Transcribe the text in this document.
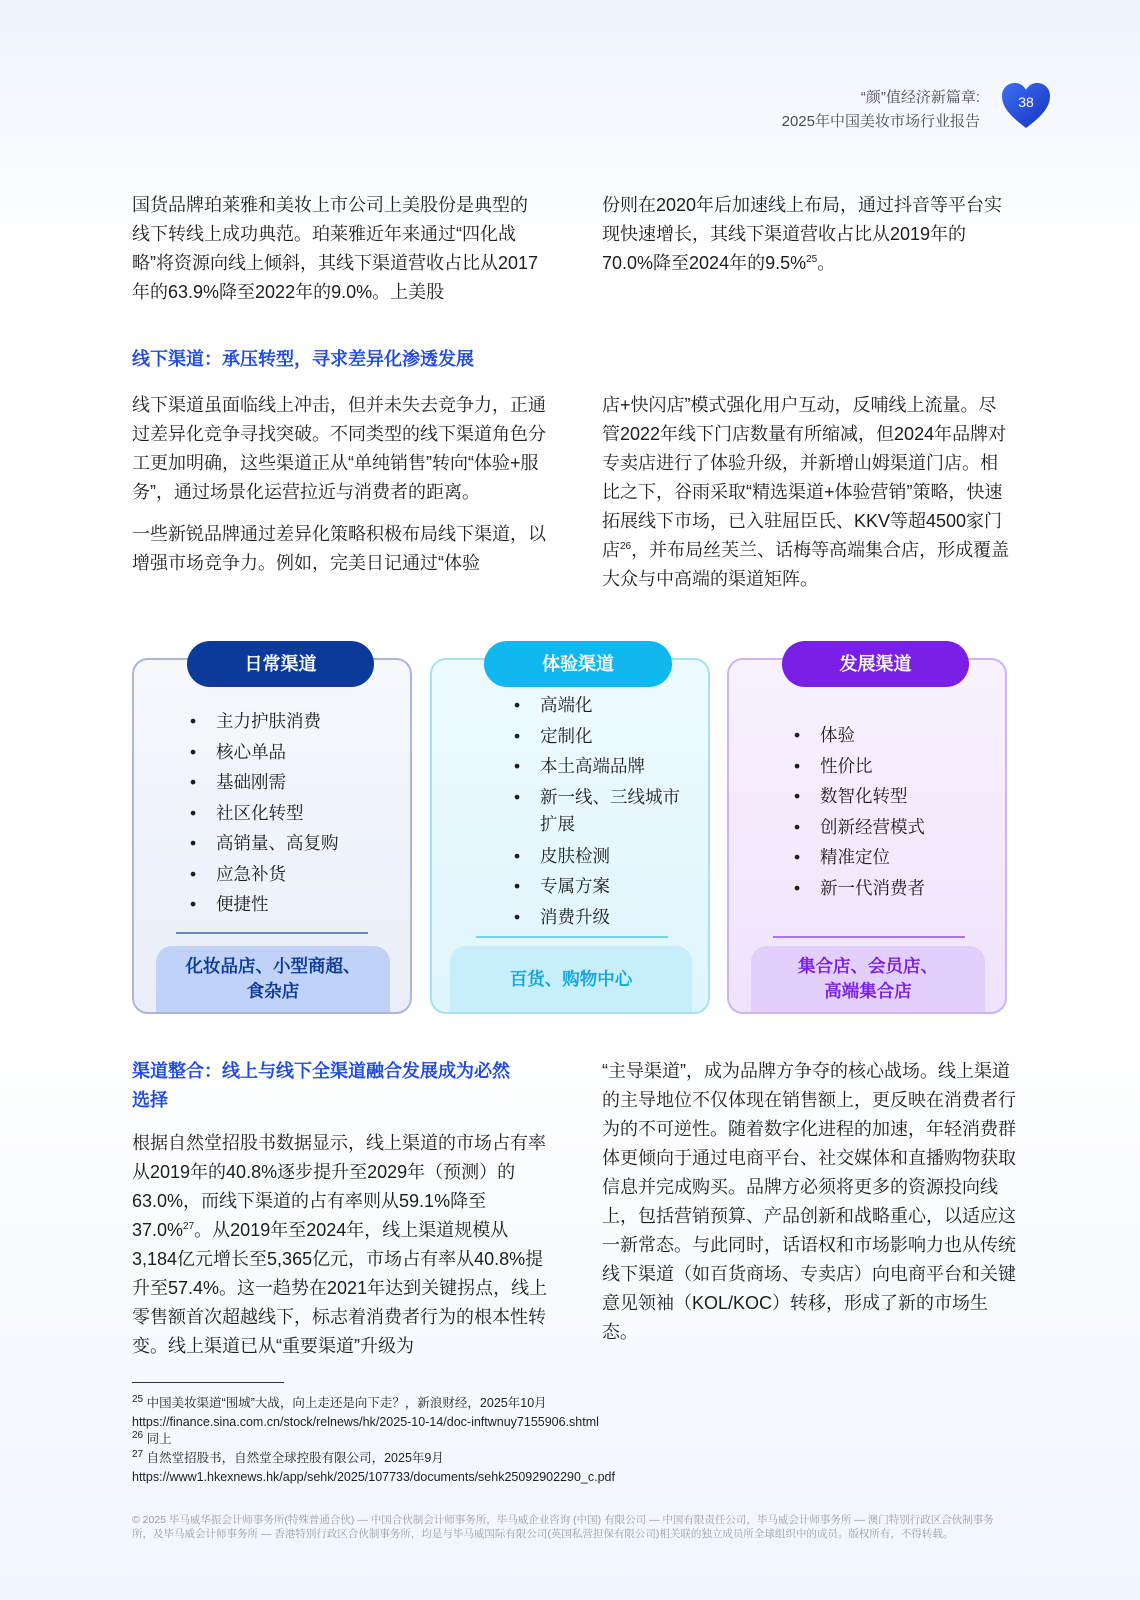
“颜”值经济新篇章:
2025年中国美妆市场行业报告
38

国货品牌珀莱雅和美妆上市公司上美股份是典型的线下转线上成功典范。珀莱雅近年来通过“四化战略”将资源向线上倾斜，其线下渠道营收占比从2017年的63.9%降至2022年的9.0%。上美股

份则在2020年后加速线上布局，通过抖音等平台实现快速增长，其线下渠道营收占比从2019年的70.0%降至2024年的9.5%$^{25}$。

线下渠道：承压转型，寻求差异化渗透发展

线下渠道虽面临线上冲击，但并未失去竞争力，正通过差异化竞争寻找突破。不同类型的线下渠道角色分工更加明确，这些渠道正从“单纯销售”转向“体验+服务”，通过场景化运营拉近与消费者的距离。

一些新锐品牌通过差异化策略积极布局线下渠道，以增强市场竞争力。例如，完美日记通过“体验

店+快闪店”模式强化用户互动，反哺线上流量。尽管2022年线下门店数量有所缩减，但2024年品牌对专卖店进行了体验升级，并新增山姆渠道门店。相比之下，谷雨采取“精选渠道+体验营销”策略，快速拓展线下市场，已入驻屈臣氏、KKV等超4500家门店$^{26}$，并布局丝芙兰、话梅等高端集合店，形成覆盖大众与中高端的渠道矩阵。

• 主力护肤消费
• 核心单品
• 基础刚需
• 社区化转型
• 高销量、高复购
• 应急补货
• 便捷性
化妆品店、小型商超、
食杂店
日常渠道
• 高端化
• 定制化
• 本土高端品牌
• 新一线、三线城市
扩展
• 皮肤检测
• 专属方案
• 消费升级
百货、购物中心
体验渠道
• 体验
• 性价比
• 数智化转型
• 创新经营模式
• 精准定位
• 新一代消费者
集合店、会员店、
高端集合店
发展渠道
渠道整合：线上与线下全渠道融合发展成为必然
选择

根据自然堂招股书数据显示，线上渠道的市场占有率从2019年的40.8%逐步提升至2029年（预测）的63.0%，而线下渠道的占有率则从59.1%降至37.0%$^{27}$。从2019年至2024年，线上渠道规模从3,184亿元增长至5,365亿元，市场占有率从40.8%提升至57.4%。这一趋势在2021年达到关键拐点，线上零售额首次超越线下，标志着消费者行为的根本性转变。线上渠道已从“重要渠道”升级为

“主导渠道”，成为品牌方争夺的核心战场。线上渠道的主导地位不仅体现在销售额上，更反映在消费者行为的不可逆性。随着数字化进程的加速，年轻消费群体更倾向于通过电商平台、社交媒体和直播购物获取信息并完成购买。品牌方必须将更多的资源投向线上，包括营销预算、产品创新和战略重心，以适应这一新常态。与此同时，话语权和市场影响力也从传统线下渠道（如百货商场、专卖店）向电商平台和关键意见领袖（KOL/KOC）转移，形成了新的市场生态。

$^{25}$ 中国美妆渠道“围城”大战，向上走还是向下走？，新浪财经，2025年10月
https://finance.sina.com.cn/stock/relnews/hk/2025-10-14/doc-inftwnuy7155906.shtml
$^{26}$ 同上
$^{27}$ 自然堂招股书，自然堂全球控股有限公司，2025年9月
https://www1.hkexnews.hk/app/sehk/2025/107733/documents/sehk25092902290_c.pdf
© 2025 毕马威华振会计师事务所(特殊普通合伙) — 中国合伙制会计师事务所，毕马威企业咨询 (中国) 有限公司 — 中国有限责任公司，毕马威会计师事务所 — 澳门特别行政区合伙制事务所，及毕马威会计师事务所 — 香港特别行政区合伙制事务所，均是与毕马威国际有限公司(英国私营担保有限公司)相关联的独立成员所全球组织中的成员。版权所有，不得转载。
